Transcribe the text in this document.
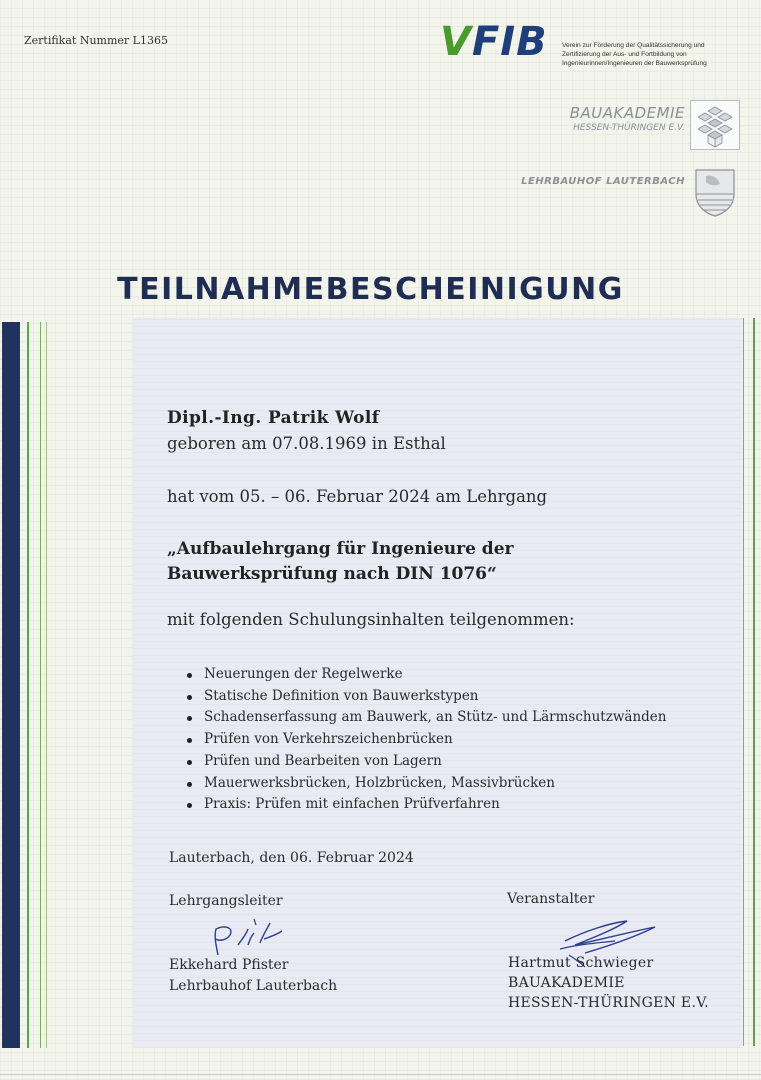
Zertifikat Nummer L1365	VFIB Verein zur Förderung der Qualitätssicherung und
Zertifizierung der Aus- und Fortbildung von
Ingenieurinnen/Ingenieuren der Bauwerksprüfung
BAUAKADEMIE
HESSEN-THÜRINGEN E.V.
LEHRBAUHOF LAUTERBACH
TEILNAHMEBESCHEINIGUNG
Dipl.-Ing. Patrik Wolf
geboren am 07.08.1969 in Esthal
hat vom 05. – 06. Februar 2024 am Lehrgang
„Aufbaulehrgang für Ingenieure der
Bauwerksprüfung nach DIN 1076“
mit folgenden Schulungsinhalten teilgenommen:
Neuerungen der Regelwerke
Statische Definition von Bauwerkstypen
Schadenserfassung am Bauwerk, an Stütz- und Lärmschutzwänden
Prüfen von Verkehrszeichenbrücken
Prüfen und Bearbeiten von Lagern
Mauerwerksbrücken, Holzbrücken, Massivbrücken
Praxis: Prüfen mit einfachen Prüfverfahren
Lauterbach, den 06. Februar 2024
Lehrgangsleiter	Veranstalter
Ekkehard Pfister
Lehrbauhof Lauterbach
Hartmut Schwieger
BAUAKADEMIE
HESSEN-THÜRINGEN E.V.
